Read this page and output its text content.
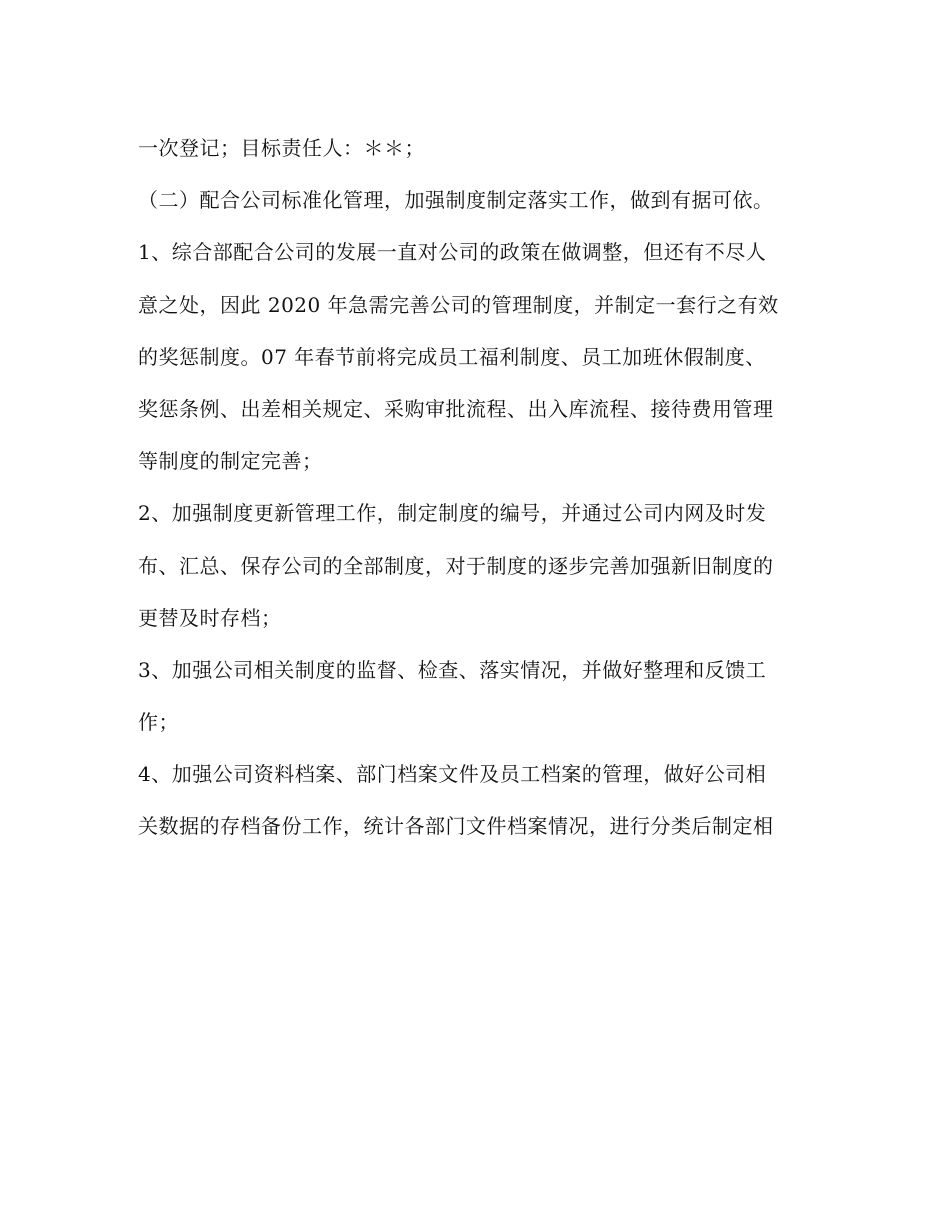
一次登记；目标责任人：＊＊；
（二）配合公司标准化管理，加强制度制定落实工作，做到有据可依。
1、综合部配合公司的发展一直对公司的政策在做调整，但还有不尽人
意之处，因此 2020 年急需完善公司的管理制度，并制定一套行之有效
的奖惩制度。07 年春节前将完成员工福利制度、员工加班休假制度、
奖惩条例、出差相关规定、采购审批流程、出入库流程、接待费用管理
等制度的制定完善；
2、加强制度更新管理工作，制定制度的编号，并通过公司内网及时发
布、汇总、保存公司的全部制度，对于制度的逐步完善加强新旧制度的
更替及时存档；
3、加强公司相关制度的监督、检查、落实情况，并做好整理和反馈工
作；
4、加强公司资料档案、部门档案文件及员工档案的管理，做好公司相
关数据的存档备份工作，统计各部门文件档案情况，进行分类后制定相
